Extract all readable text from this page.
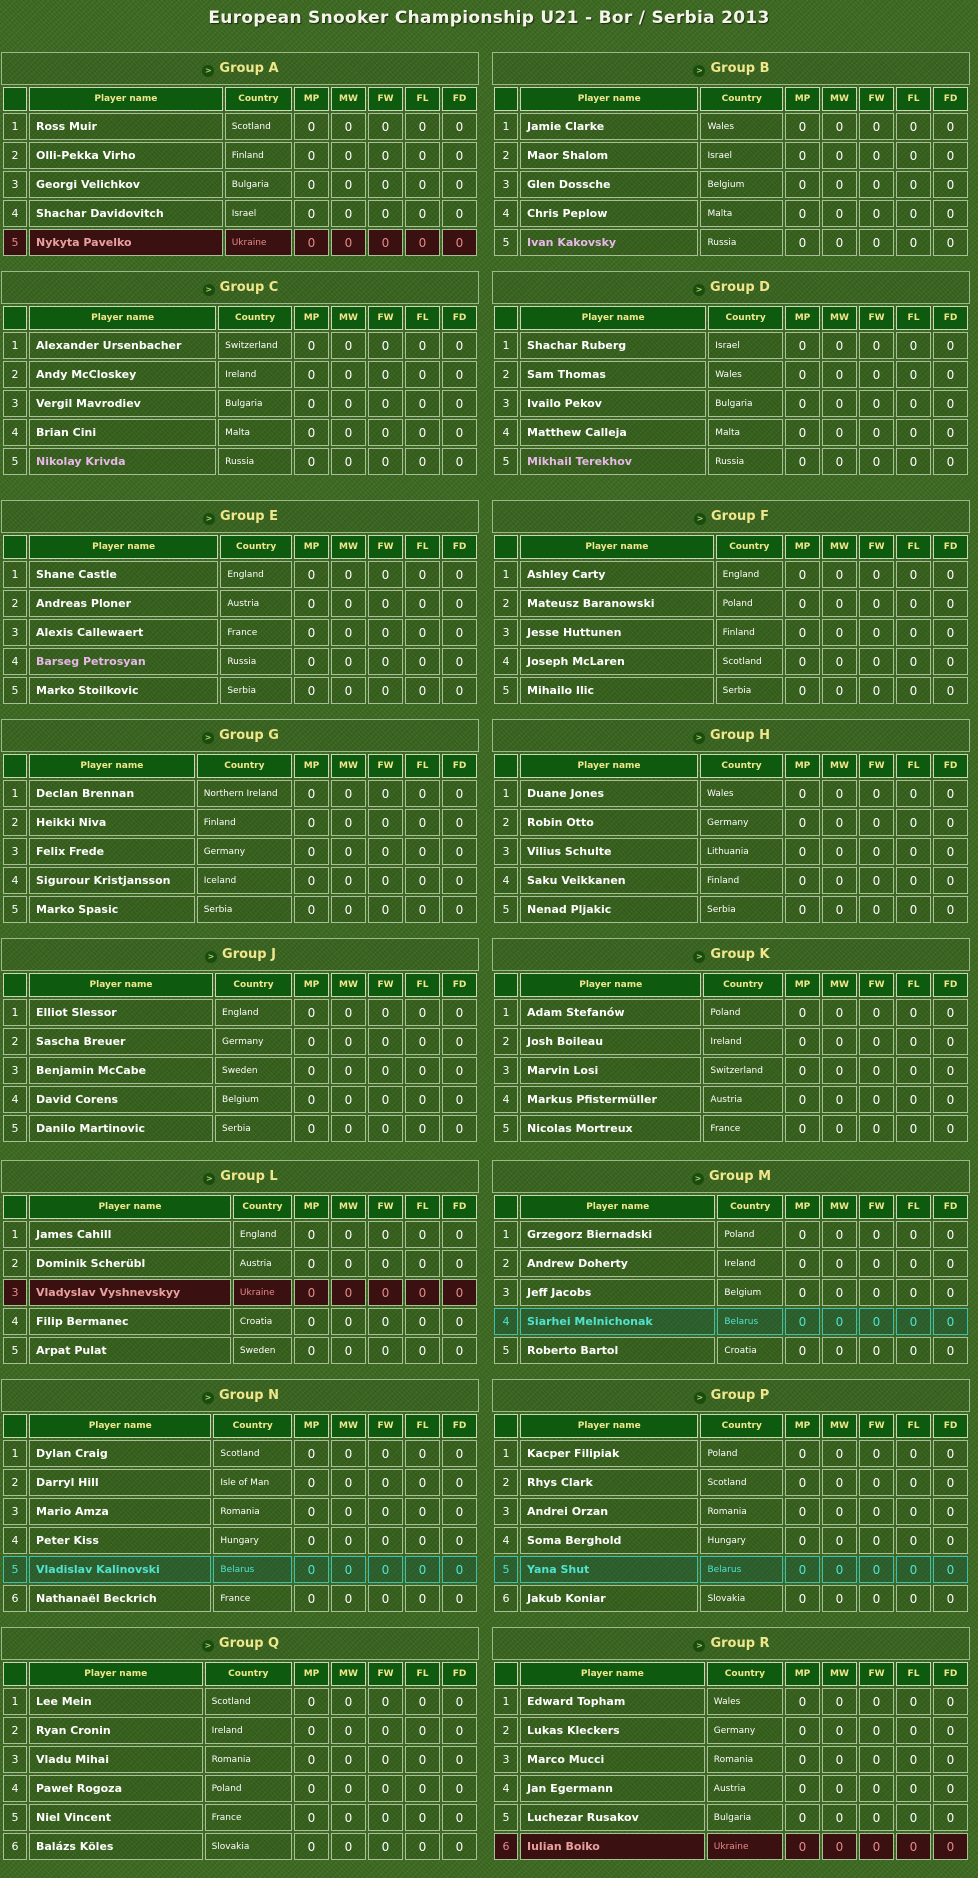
European Snooker Championship U21 - Bor / Serbia 2013
> Group A
	Player name	Country	MP	MW	FW	FL	FD
1	Ross Muir	Scotland	0	0	0	0	0
2	Olli-Pekka Virho	Finland	0	0	0	0	0
3	Georgi Velichkov	Bulgaria	0	0	0	0	0
4	Shachar Davidovitch	Israel	0	0	0	0	0
5	Nykyta Pavelko	Ukraine	0	0	0	0	0
> Group B
	Player name	Country	MP	MW	FW	FL	FD
1	Jamie Clarke	Wales	0	0	0	0	0
2	Maor Shalom	Israel	0	0	0	0	0
3	Glen Dossche	Belgium	0	0	0	0	0
4	Chris Peplow	Malta	0	0	0	0	0
5	Ivan Kakovsky	Russia	0	0	0	0	0
> Group C
	Player name	Country	MP	MW	FW	FL	FD
1	Alexander Ursenbacher	Switzerland	0	0	0	0	0
2	Andy McCloskey	Ireland	0	0	0	0	0
3	Vergil Mavrodiev	Bulgaria	0	0	0	0	0
4	Brian Cini	Malta	0	0	0	0	0
5	Nikolay Krivda	Russia	0	0	0	0	0
> Group D
	Player name	Country	MP	MW	FW	FL	FD
1	Shachar Ruberg	Israel	0	0	0	0	0
2	Sam Thomas	Wales	0	0	0	0	0
3	Ivailo Pekov	Bulgaria	0	0	0	0	0
4	Matthew Calleja	Malta	0	0	0	0	0
5	Mikhail Terekhov	Russia	0	0	0	0	0
> Group E
	Player name	Country	MP	MW	FW	FL	FD
1	Shane Castle	England	0	0	0	0	0
2	Andreas Ploner	Austria	0	0	0	0	0
3	Alexis Callewaert	France	0	0	0	0	0
4	Barseg Petrosyan	Russia	0	0	0	0	0
5	Marko Stoilkovic	Serbia	0	0	0	0	0
> Group F
	Player name	Country	MP	MW	FW	FL	FD
1	Ashley Carty	England	0	0	0	0	0
2	Mateusz Baranowski	Poland	0	0	0	0	0
3	Jesse Huttunen	Finland	0	0	0	0	0
4	Joseph McLaren	Scotland	0	0	0	0	0
5	Mihailo Ilic	Serbia	0	0	0	0	0
> Group G
	Player name	Country	MP	MW	FW	FL	FD
1	Declan Brennan	Northern Ireland	0	0	0	0	0
2	Heikki Niva	Finland	0	0	0	0	0
3	Felix Frede	Germany	0	0	0	0	0
4	Sigurour Kristjansson	Iceland	0	0	0	0	0
5	Marko Spasic	Serbia	0	0	0	0	0
> Group H
	Player name	Country	MP	MW	FW	FL	FD
1	Duane Jones	Wales	0	0	0	0	0
2	Robin Otto	Germany	0	0	0	0	0
3	Vilius Schulte	Lithuania	0	0	0	0	0
4	Saku Veikkanen	Finland	0	0	0	0	0
5	Nenad Pljakic	Serbia	0	0	0	0	0
> Group J
	Player name	Country	MP	MW	FW	FL	FD
1	Elliot Slessor	England	0	0	0	0	0
2	Sascha Breuer	Germany	0	0	0	0	0
3	Benjamin McCabe	Sweden	0	0	0	0	0
4	David Corens	Belgium	0	0	0	0	0
5	Danilo Martinovic	Serbia	0	0	0	0	0
> Group K
	Player name	Country	MP	MW	FW	FL	FD
1	Adam Stefanów	Poland	0	0	0	0	0
2	Josh Boileau	Ireland	0	0	0	0	0
3	Marvin Losi	Switzerland	0	0	0	0	0
4	Markus Pfistermüller	Austria	0	0	0	0	0
5	Nicolas Mortreux	France	0	0	0	0	0
> Group L
	Player name	Country	MP	MW	FW	FL	FD
1	James Cahill	England	0	0	0	0	0
2	Dominik Scherübl	Austria	0	0	0	0	0
3	Vladyslav Vyshnevskyy	Ukraine	0	0	0	0	0
4	Filip Bermanec	Croatia	0	0	0	0	0
5	Arpat Pulat	Sweden	0	0	0	0	0
> Group M
	Player name	Country	MP	MW	FW	FL	FD
1	Grzegorz Biernadski	Poland	0	0	0	0	0
2	Andrew Doherty	Ireland	0	0	0	0	0
3	Jeff Jacobs	Belgium	0	0	0	0	0
4	Siarhei Melnichonak	Belarus	0	0	0	0	0
5	Roberto Bartol	Croatia	0	0	0	0	0
> Group N
	Player name	Country	MP	MW	FW	FL	FD
1	Dylan Craig	Scotland	0	0	0	0	0
2	Darryl Hill	Isle of Man	0	0	0	0	0
3	Mario Amza	Romania	0	0	0	0	0
4	Peter Kiss	Hungary	0	0	0	0	0
5	Vladislav Kalinovski	Belarus	0	0	0	0	0
6	Nathanaël Beckrich	France	0	0	0	0	0
> Group P
	Player name	Country	MP	MW	FW	FL	FD
1	Kacper Filipiak	Poland	0	0	0	0	0
2	Rhys Clark	Scotland	0	0	0	0	0
3	Andrei Orzan	Romania	0	0	0	0	0
4	Soma Berghold	Hungary	0	0	0	0	0
5	Yana Shut	Belarus	0	0	0	0	0
6	Jakub Koniar	Slovakia	0	0	0	0	0
> Group Q
	Player name	Country	MP	MW	FW	FL	FD
1	Lee Mein	Scotland	0	0	0	0	0
2	Ryan Cronin	Ireland	0	0	0	0	0
3	Vladu Mihai	Romania	0	0	0	0	0
4	Paweł Rogoza	Poland	0	0	0	0	0
5	Niel Vincent	France	0	0	0	0	0
6	Balázs Köles	Slovakia	0	0	0	0	0
> Group R
	Player name	Country	MP	MW	FW	FL	FD
1	Edward Topham	Wales	0	0	0	0	0
2	Lukas Kleckers	Germany	0	0	0	0	0
3	Marco Mucci	Romania	0	0	0	0	0
4	Jan Egermann	Austria	0	0	0	0	0
5	Luchezar Rusakov	Bulgaria	0	0	0	0	0
6	Iulian Boiko	Ukraine	0	0	0	0	0
